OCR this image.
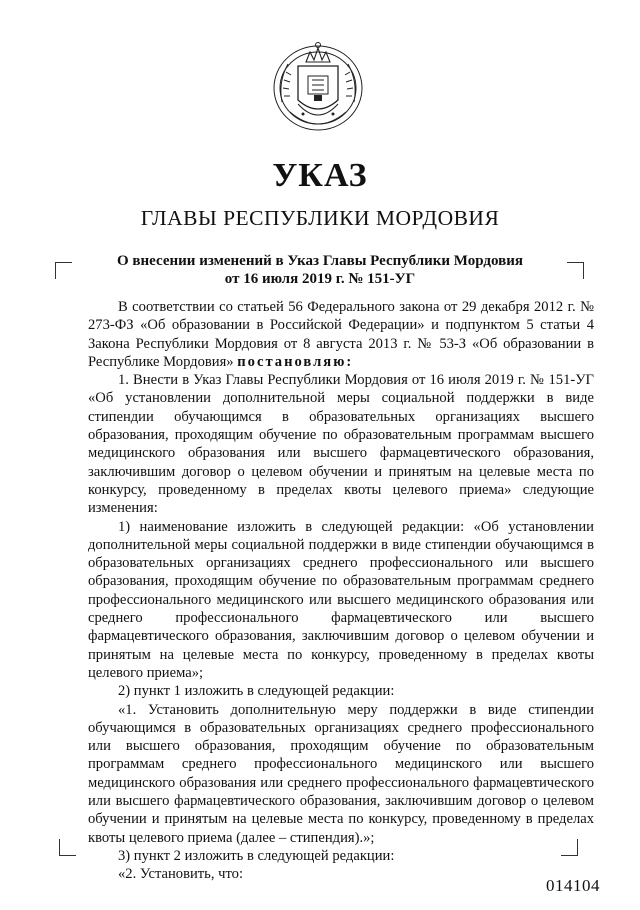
УКАЗ
ГЛАВЫ РЕСПУБЛИКИ МОРДОВИЯ
О внесении изменений в Указ Главы Республики Мордовия
от 16 июля 2019 г. № 151-УГ

В соответствии со статьей 56 Федерального закона от 29 декабря 2012 г. № 273-ФЗ «Об образовании в Российской Федерации» и подпунктом 5 статьи 4 Закона Республики Мордовия от 8 августа 2013 г. № 53-З «Об образовании в Республике Мордовия» постановляю:

1. Внести в Указ Главы Республики Мордовия от 16 июля 2019 г. № 151-УГ «Об установлении дополнительной меры социальной поддержки в виде стипендии обучающимся в образовательных организациях высшего образования, проходящим обучение по образовательным программам высшего медицинского образования или высшего фармацевтического образования, заключившим договор о целевом обучении и принятым на целевые места по конкурсу, проведенному в пределах квоты целевого приема» следующие изменения:

1) наименование изложить в следующей редакции: «Об установлении дополнительной меры социальной поддержки в виде стипендии обучающимся в образовательных организациях среднего профессионального или высшего образования, проходящим обучение по образовательным программам среднего профессионального медицинского или высшего медицинского образования или среднего профессионального фармацевтического или высшего фармацевтического образования, заключившим договор о целевом обучении и принятым на целевые места по конкурсу, проведенному в пределах квоты целевого приема»;

2) пункт 1 изложить в следующей редакции:

«1. Установить дополнительную меру поддержки в виде стипендии обучающимся в образовательных организациях среднего профессионального или высшего образования, проходящим обучение по образовательным программам среднего профессионального медицинского или высшего медицинского образования или среднего профессионального фармацевтического или высшего фармацевтического образования, заключившим договор о целевом обучении и принятым на целевые места по конкурсу, проведенному в пределах квоты целевого приема (далее – стипендия).»;

3) пункт 2 изложить в следующей редакции:

«2. Установить, что:

014104
